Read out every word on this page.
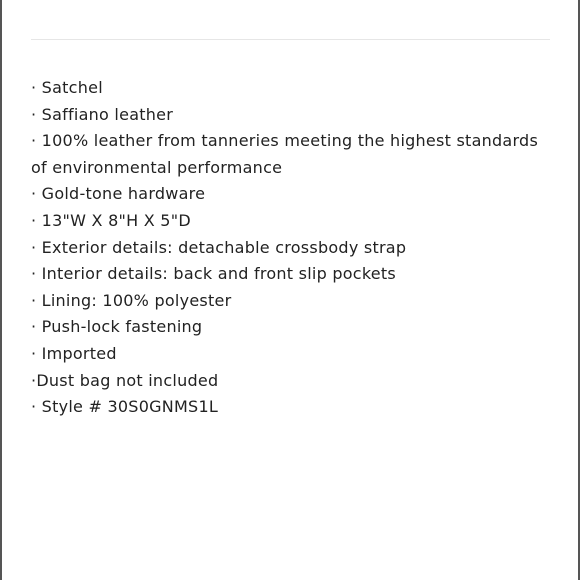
· Satchel
· Saffiano leather
· 100% leather from tanneries meeting the highest standards of environmental performance
· Gold-tone hardware
· 13"W X 8"H X 5"D
· Exterior details: detachable crossbody strap
· Interior details: back and front slip pockets
· Lining: 100% polyester
· Push-lock fastening
· Imported
·Dust bag not included
· Style # 30S0GNMS1L
